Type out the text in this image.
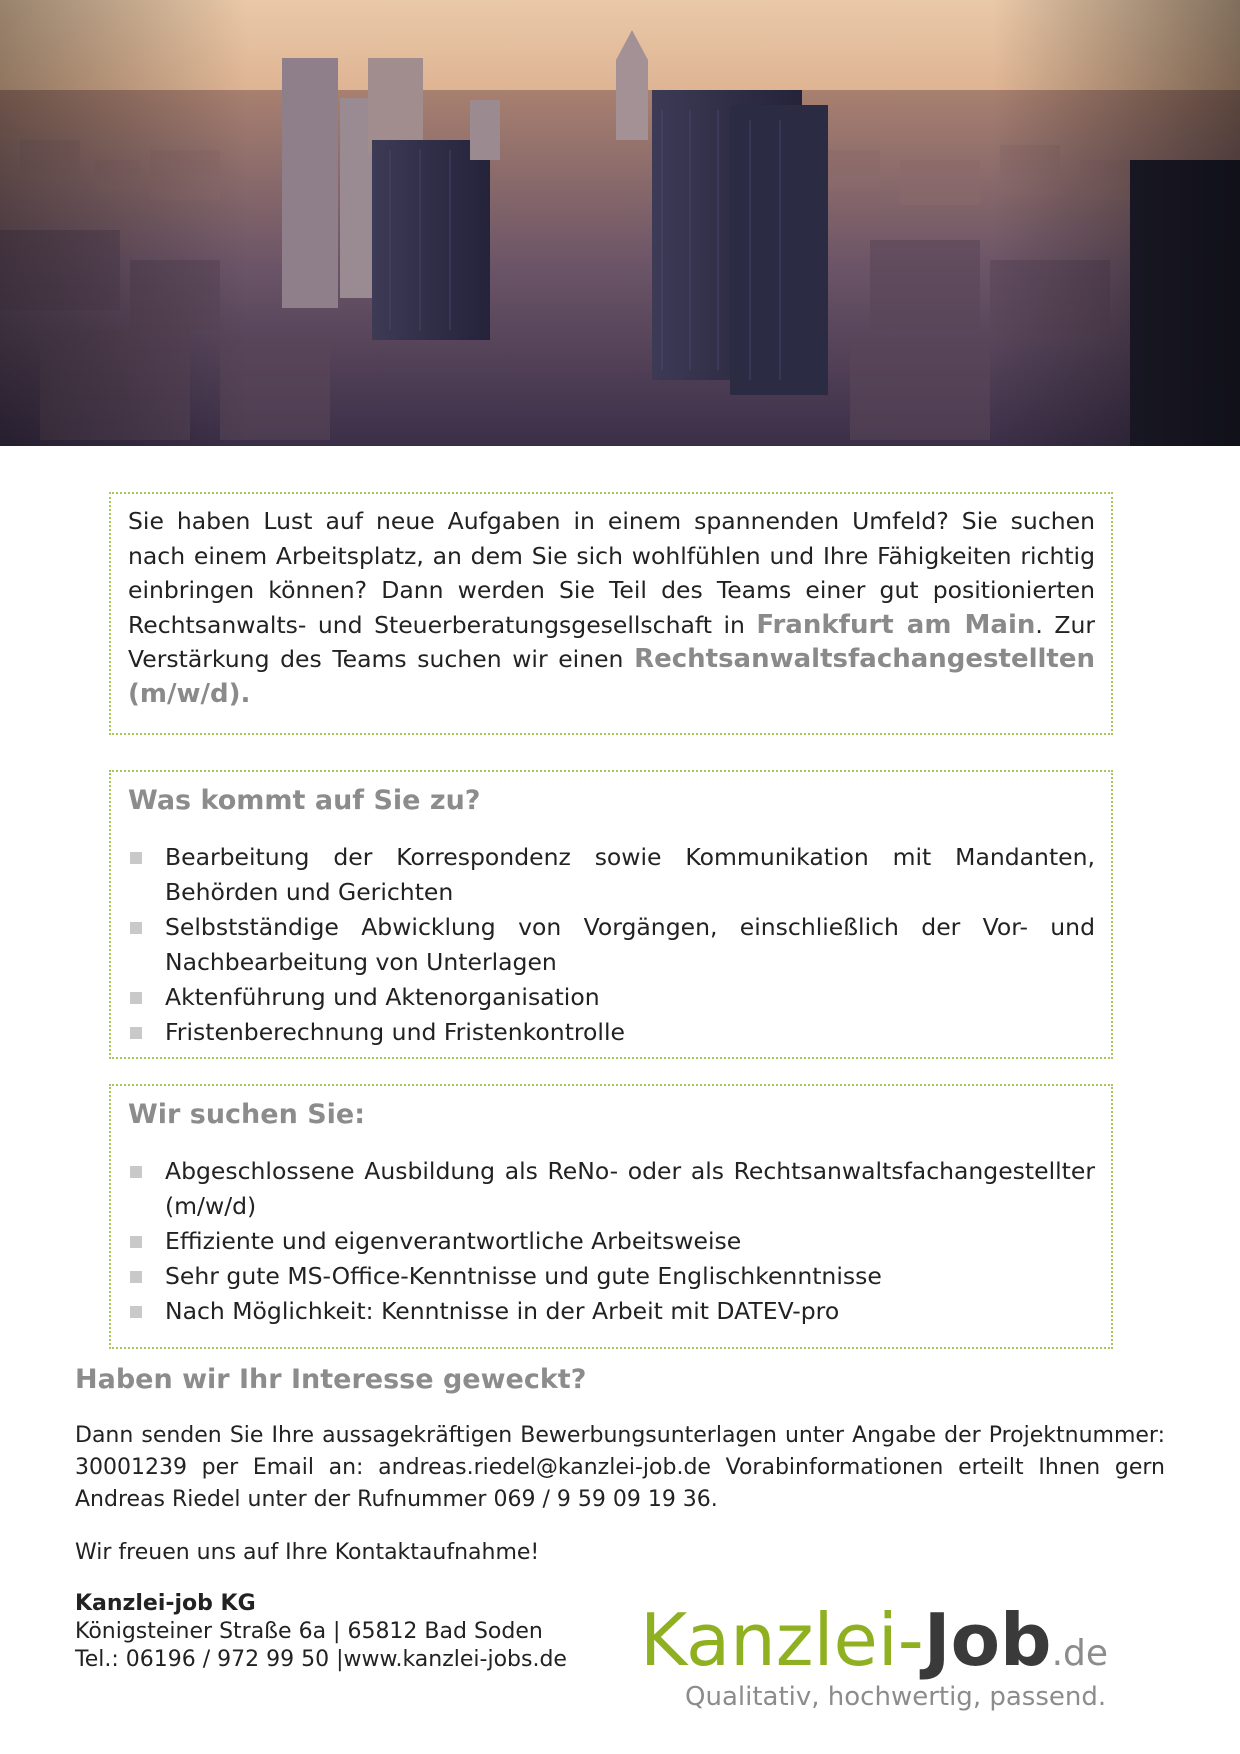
Sie haben Lust auf neue Aufgaben in einem spannenden Umfeld? Sie suchen nach einem Arbeitsplatz, an dem Sie sich wohlfühlen und Ihre Fähigkeiten richtig einbringen können? Dann werden Sie Teil des Teams einer gut positionierten Rechtsanwalts- und Steuerberatungsgesellschaft in Frankfurt am Main. Zur Verstärkung des Teams suchen wir einen Rechtsanwaltsfachangestellten (m/w/d).

Was kommt auf Sie zu?
Bearbeitung der Korrespondenz sowie Kommunikation mit Mandanten, Behörden und Gerichten
Selbstständige Abwicklung von Vorgängen, einschließlich der Vor- und Nachbearbeitung von Unterlagen
Aktenführung und Aktenorganisation
Fristenberechnung und Fristenkontrolle
Wir suchen Sie:
Abgeschlossene Ausbildung als ReNo- oder als Rechtsanwaltsfachangestellter (m/w/d)
Effiziente und eigenverantwortliche Arbeitsweise
Sehr gute MS-Office-Kenntnisse und gute Englischkenntnisse
Nach Möglichkeit: Kenntnisse in der Arbeit mit DATEV-pro
Haben wir Ihr Interesse geweckt?

Dann senden Sie Ihre aussagekräftigen Bewerbungsunterlagen unter Angabe der Projektnummer: 30001239 per Email an: andreas.riedel@kanzlei-job.de Vorabinformationen erteilt Ihnen gern Andreas Riedel unter der Rufnummer 069 / 9 59 09 19 36.

Wir freuen uns auf Ihre Kontaktaufnahme!

Kanzlei-job KG
Königsteiner Straße 6a | 65812 Bad Soden
Tel.: 06196 / 972 99 50 |www.kanzlei-jobs.de Kanzlei-Job.de
Qualitativ, hochwertig, passend.
